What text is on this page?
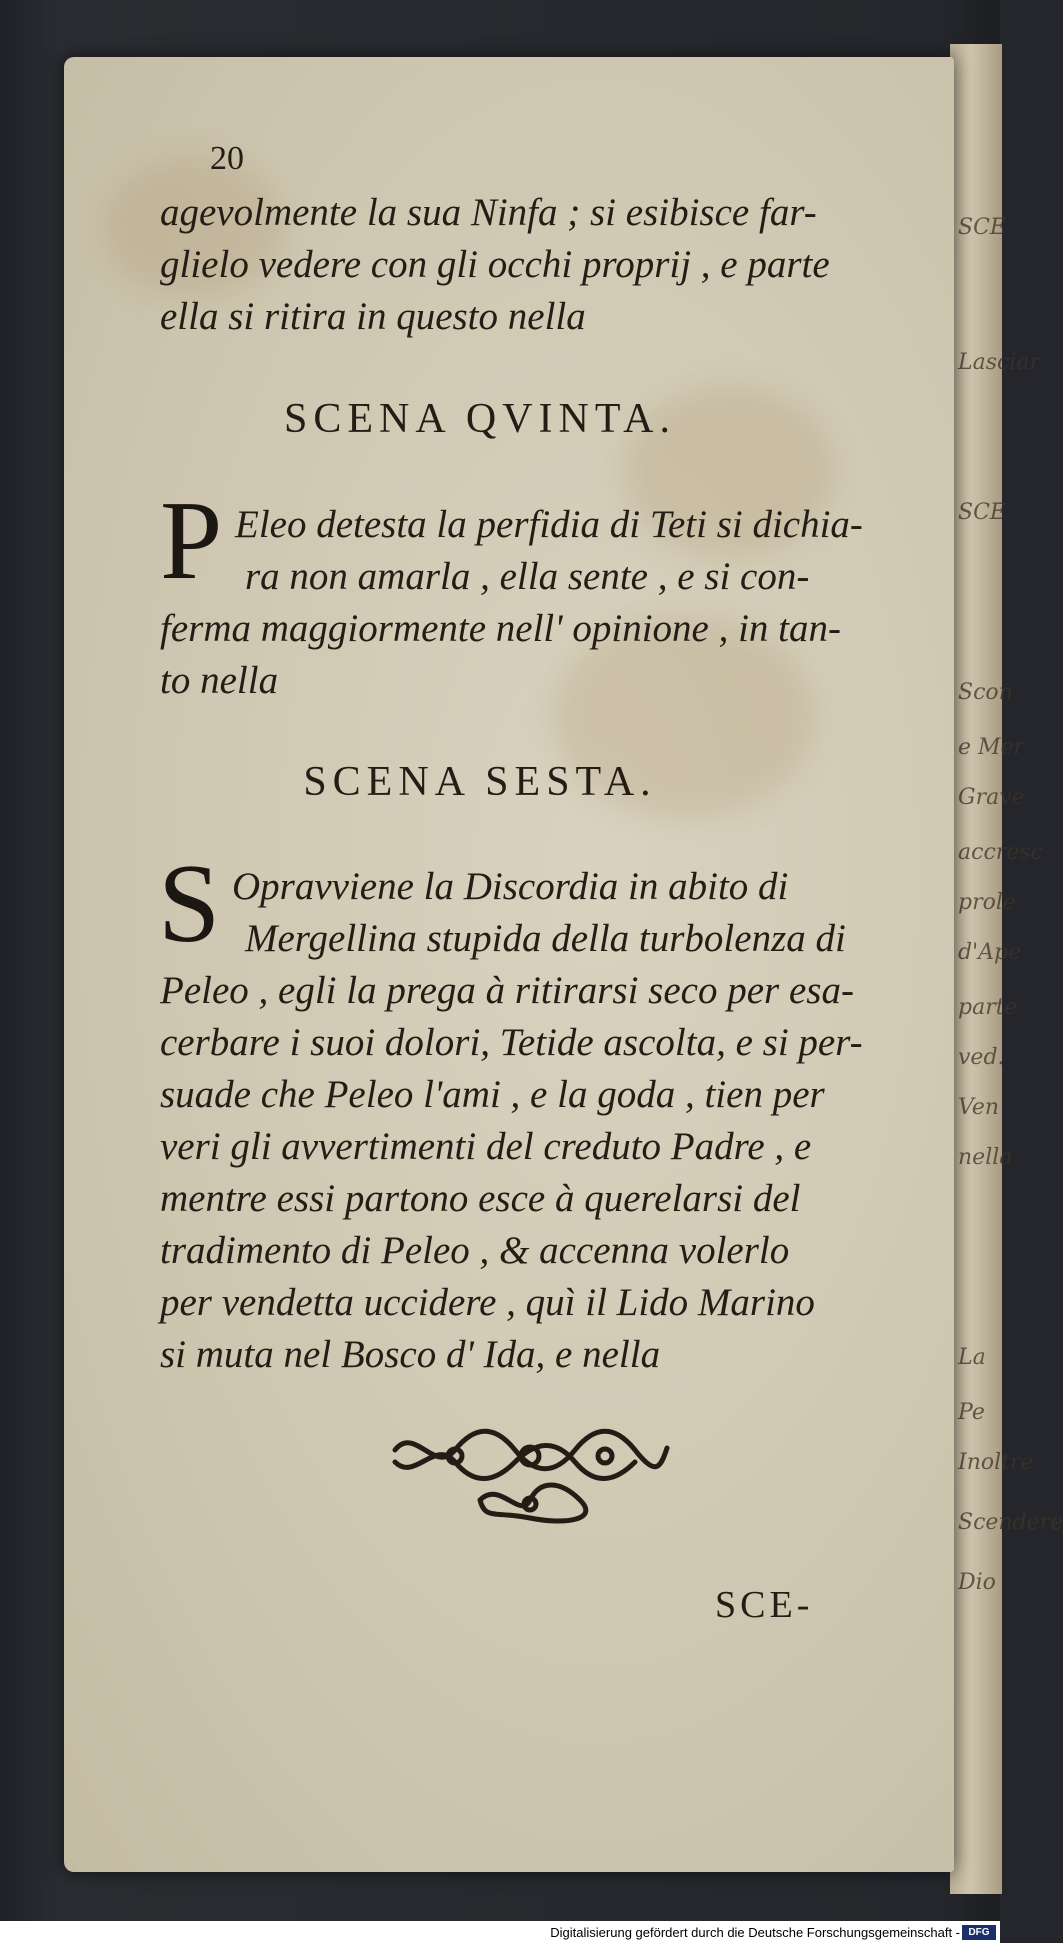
SCE
Lasciar
SCE
Scon
e Mer
Grave
accresc
prole
d'Ape
parte
ved.
Ven
nella
La
Pe
Inoltre
Scendere
Dio
20
agevolmente la sua Ninfa ; si esibisce far-
glielo vedere con gli occhi proprij , e parte
ella si ritira in questo nella
SCENA QVINTA.
P Eleo detesta la perfidia di Teti si dichia-
ra non amarla , ella sente , e si con-
ferma maggiormente nell' opinione , in tan-
to nella
SCENA SESTA.
S Opravviene la Discordia in abito di
Mergellina stupida della turbolenza di
Peleo , egli la prega à ritirarsi seco per esa-
cerbare i suoi dolori, Tetide ascolta, e si per-
suade che Peleo l'ami , e la goda , tien per
veri gli avvertimenti del creduto Padre , e
mentre essi partono esce à querelarsi del
tradimento di Peleo , & accenna volerlo
per vendetta uccidere , quì il Lido Marino
si muta nel Bosco d' Ida, e nella
SCE-
Digitalisierung gefördert durch die Deutsche Forschungsgemeinschaft - DFG
